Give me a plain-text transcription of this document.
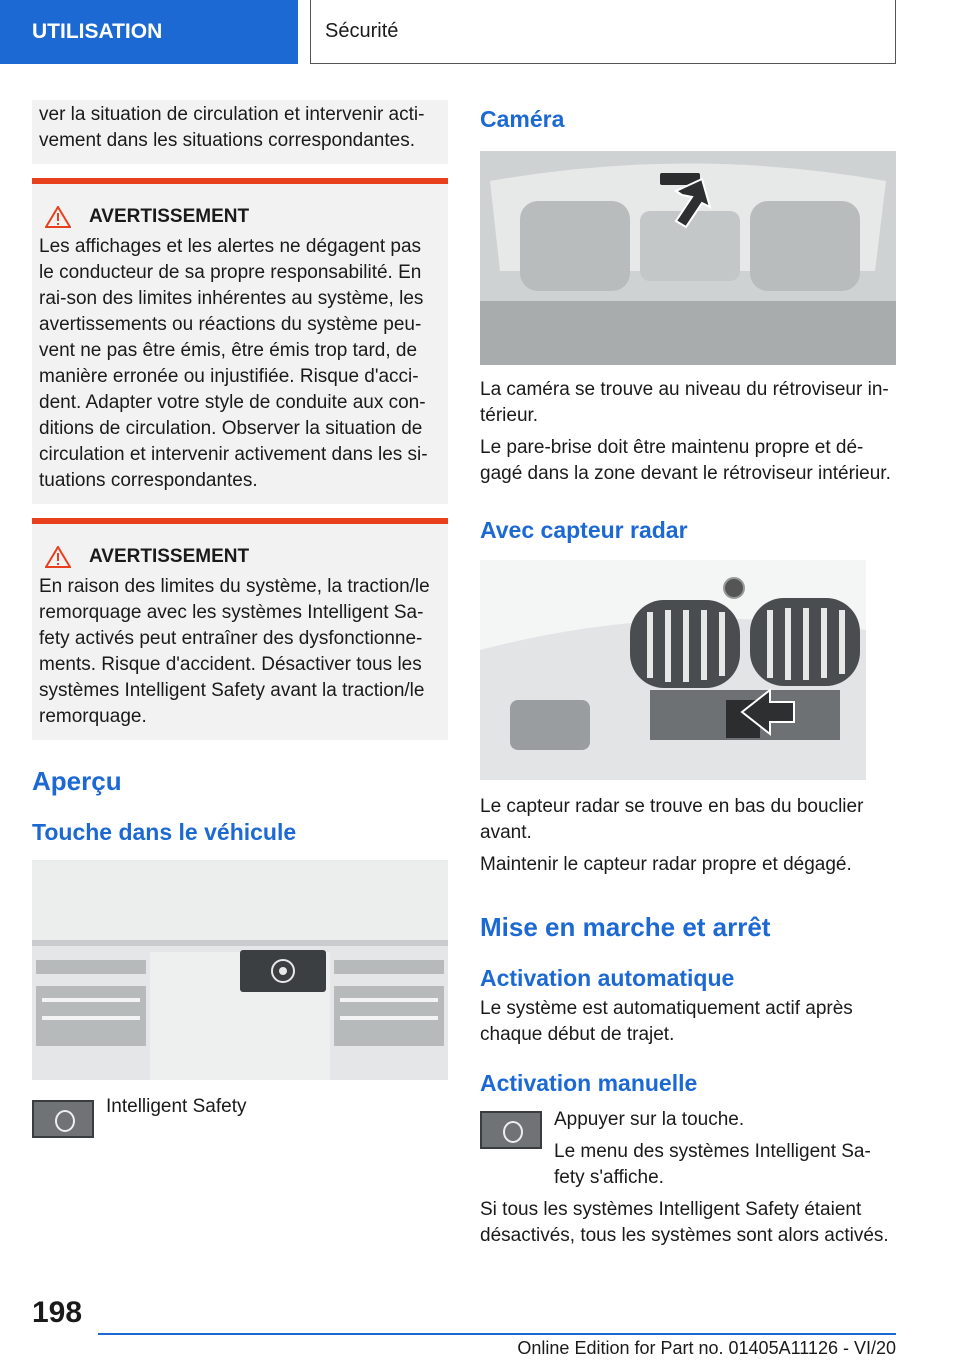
UTILISATION	Sécurité

ver la situation de circulation et intervenir acti-vement dans les situations correspondantes.

AVERTISSEMENT

Les affichages et les alertes ne dégagent pas le conducteur de sa propre responsabilité. En rai-son des limites inhérentes au système, les avertissements ou réactions du système peu-vent ne pas être émis, être émis trop tard, de manière erronée ou injustifiée. Risque d'acci-dent. Adapter votre style de conduite aux con-ditions de circulation. Observer la situation de circulation et intervenir activement dans les si-tuations correspondantes.

AVERTISSEMENT

En raison des limites du système, la traction/le remorquage avec les systèmes Intelligent Sa-fety activés peut entraîner des dysfonctionne-ments. Risque d'accident. Désactiver tous les systèmes Intelligent Safety avant la traction/le remorquage.

Aperçu
Touche dans le véhicule
Intelligent Safety
Caméra

La caméra se trouve au niveau du rétroviseur in-térieur.

Le pare-brise doit être maintenu propre et dé-gagé dans la zone devant le rétroviseur intérieur.

Avec capteur radar

Le capteur radar se trouve en bas du bouclier avant.

Maintenir le capteur radar propre et dégagé.

Mise en marche et arrêt
Activation automatique

Le système est automatiquement actif après chaque début de trajet.

Activation manuelle

Appuyer sur la touche.

Le menu des systèmes Intelligent Sa-fety s'affiche.

Si tous les systèmes Intelligent Safety étaient désactivés, tous les systèmes sont alors activés.

198
Online Edition for Part no. 01405A11126 - VI/20
